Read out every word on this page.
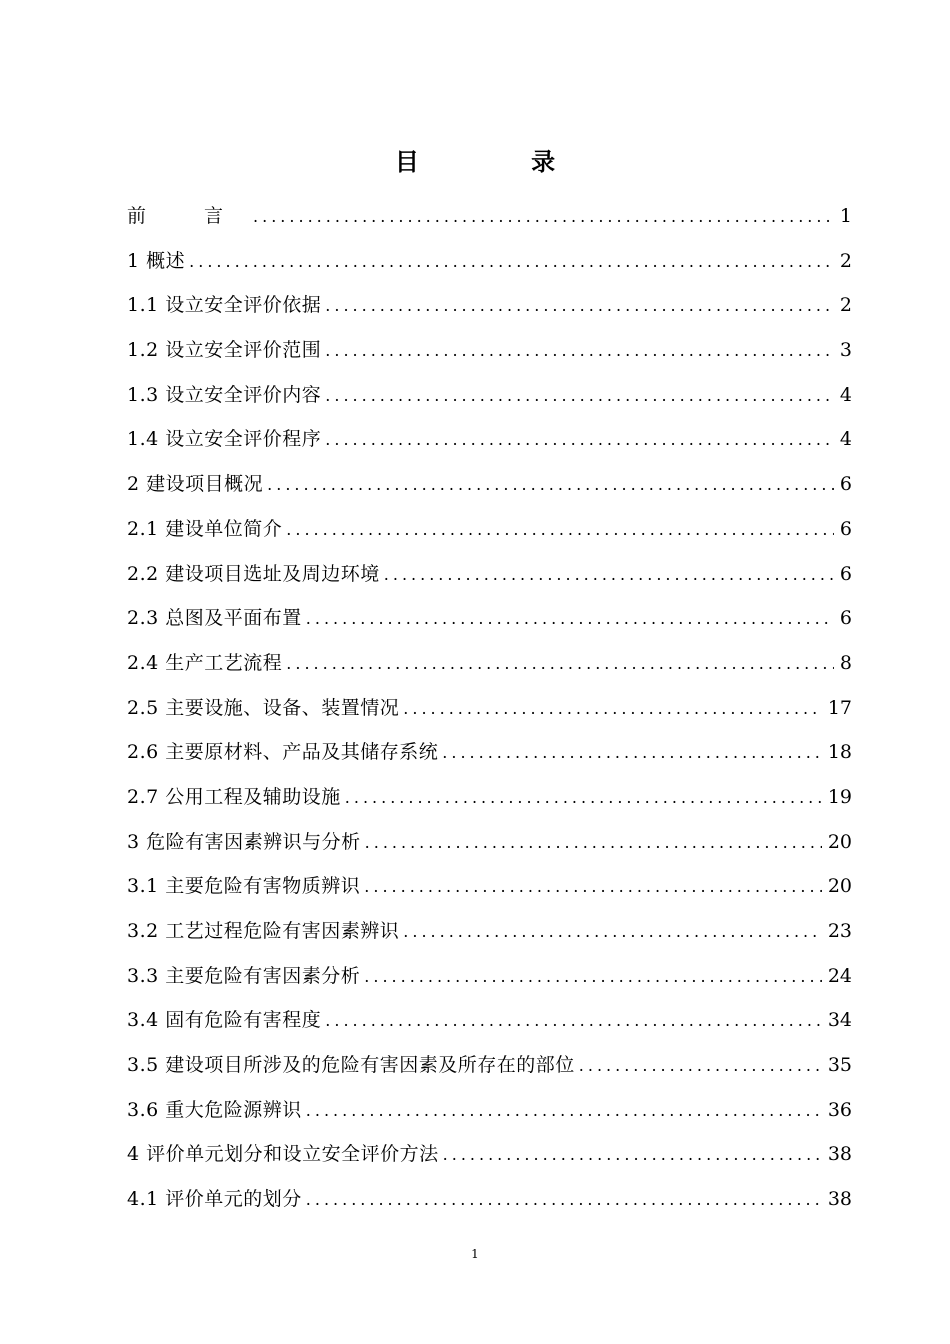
目 录
前 言 .....	1
1 概述 .....	2
1.1 设立安全评价依据 .....	2
1.2 设立安全评价范围 .....	3
1.3 设立安全评价内容 .....	4
1.4 设立安全评价程序 .....	4
2 建设项目概况 .....	6
2.1 建设单位简介 .....	6
2.2 建设项目选址及周边环境 .....	6
2.3 总图及平面布置 .....	6
2.4 生产工艺流程 .....	8
2.5 主要设施、设备、装置情况 .....	17
2.6 主要原材料、产品及其储存系统 .....	18
2.7 公用工程及辅助设施 .....	19
3 危险有害因素辨识与分析 .....	20
3.1 主要危险有害物质辨识 .....	20
3.2 工艺过程危险有害因素辨识 .....	23
3.3 主要危险有害因素分析 .....	24
3.4 固有危险有害程度 .....	34
3.5 建设项目所涉及的危险有害因素及所存在的部位 .....	35
3.6 重大危险源辨识 .....	36
4 评价单元划分和设立安全评价方法 .....	38
4.1 评价单元的划分 .....	38
1
